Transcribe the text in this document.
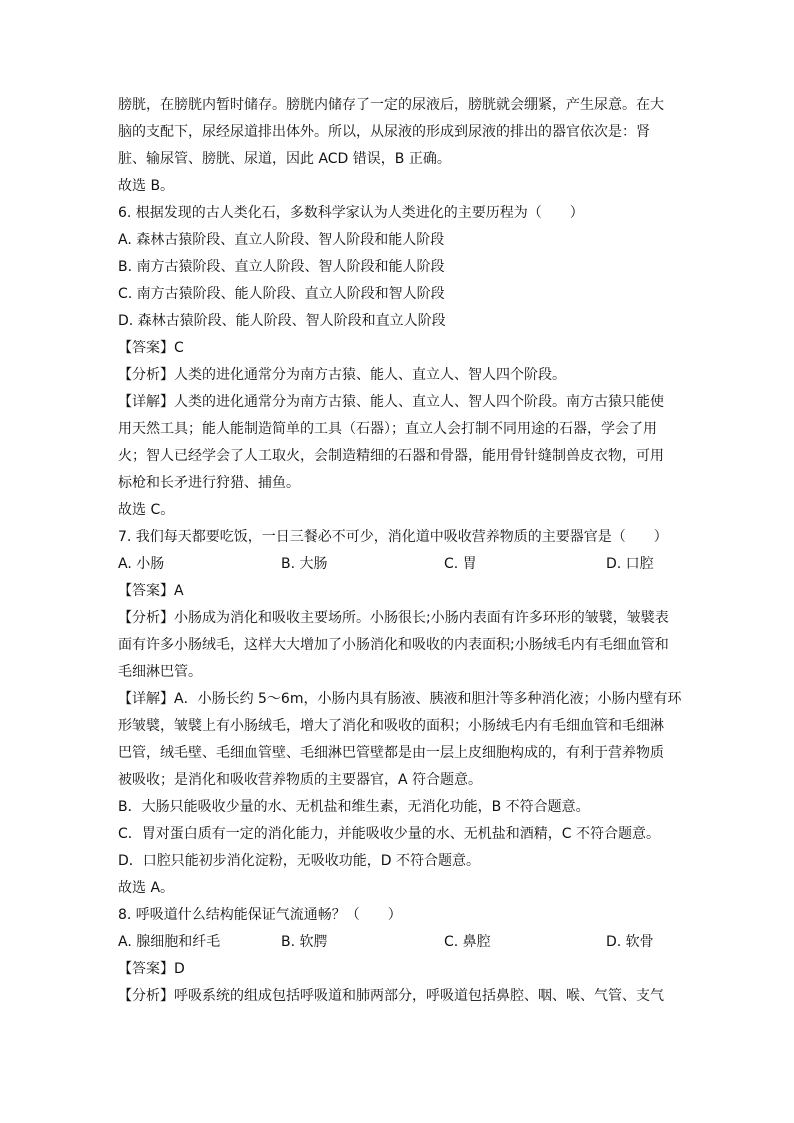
膀胱，在膀胱内暂时储存。膀胱内储存了一定的尿液后，膀胱就会绷紧，产生尿意。在大
脑的支配下，尿经尿道排出体外。所以，从尿液的形成到尿液的排出的器官依次是：肾
脏、输尿管、膀胱、尿道，因此 ACD 错误，B 正确。
故选 B。
6. 根据发现的古人类化石，多数科学家认为人类进化的主要历程为（　　）
A. 森林古猿阶段、直立人阶段、智人阶段和能人阶段
B. 南方古猿阶段、直立人阶段、智人阶段和能人阶段
C. 南方古猿阶段、能人阶段、直立人阶段和智人阶段
D. 森林古猿阶段、能人阶段、智人阶段和直立人阶段
【答案】C
【分析】人类的进化通常分为南方古猿、能人、直立人、智人四个阶段。
【详解】人类的进化通常分为南方古猿、能人、直立人、智人四个阶段。南方古猿只能使
用天然工具；能人能制造简单的工具（石器）；直立人会打制不同用途的石器，学会了用
火；智人已经学会了人工取火，会制造精细的石器和骨器，能用骨针缝制兽皮衣物，可用
标枪和长矛进行狩猎、捕鱼。
故选 C。
7. 我们每天都要吃饭，一日三餐必不可少，消化道中吸收营养物质的主要器官是（　　）
A. 小肠	B. 大肠	C. 胃	D. 口腔
【答案】A
【分析】小肠成为消化和吸收主要场所。小肠很长;小肠内表面有许多环形的皱襞，皱襞表
面有许多小肠绒毛，这样大大增加了小肠消化和吸收的内表面积;小肠绒毛内有毛细血管和
毛细淋巴管。
【详解】A．小肠长约 5～6m，小肠内具有肠液、胰液和胆汁等多种消化液；小肠内壁有环
形皱襞，皱襞上有小肠绒毛，增大了消化和吸收的面积；小肠绒毛内有毛细血管和毛细淋
巴管，绒毛壁、毛细血管壁、毛细淋巴管壁都是由一层上皮细胞构成的，有利于营养物质
被吸收；是消化和吸收营养物质的主要器官，A 符合题意。
B．大肠只能吸收少量的水、无机盐和维生素，无消化功能，B 不符合题意。
C．胃对蛋白质有一定的消化能力，并能吸收少量的水、无机盐和酒精，C 不符合题意。
D．口腔只能初步消化淀粉，无吸收功能，D 不符合题意。
故选 A。
8. 呼吸道什么结构能保证气流通畅？（　　）
A. 腺细胞和纤毛	B. 软腭	C. 鼻腔	D. 软骨
【答案】D
【分析】呼吸系统的组成包括呼吸道和肺两部分，呼吸道包括鼻腔、咽、喉、气管、支气
